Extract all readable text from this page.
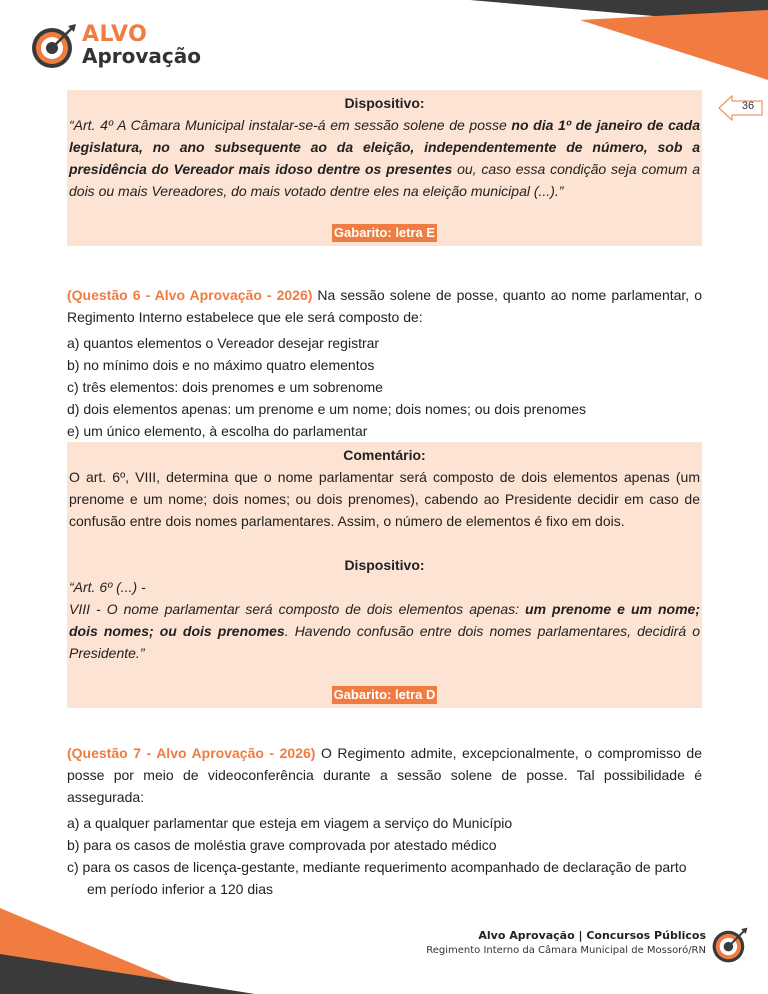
ALVO
Aprovação
36

Dispositivo:

“Art. 4º A Câmara Municipal instalar-se-á em sessão solene de posse no dia 1º de janeiro de cada legislatura, no ano subsequente ao da eleição, independentemente de número, sob a presidência do Vereador mais idoso dentre os presentes ou, caso essa condição seja comum a dois ou mais Vereadores, do mais votado dentre eles na eleição municipal (...).”

Gabarito: letra E

(Questão 6 - Alvo Aprovação - 2026) Na sessão solene de posse, quanto ao nome parlamentar, o Regimento Interno estabelece que ele será composto de:

a) quantos elementos o Vereador desejar registrar
b) no mínimo dois e no máximo quatro elementos
c) três elementos: dois prenomes e um sobrenome
d) dois elementos apenas: um prenome e um nome; dois nomes; ou dois prenomes
e) um único elemento, à escolha do parlamentar

Comentário:

O art. 6º, VIII, determina que o nome parlamentar será composto de dois elementos apenas (um prenome e um nome; dois nomes; ou dois prenomes), cabendo ao Presidente decidir em caso de confusão entre dois nomes parlamentares. Assim, o número de elementos é fixo em dois.

Dispositivo:

“Art. 6º (...) -

VIII - O nome parlamentar será composto de dois elementos apenas: um prenome e um nome; dois nomes; ou dois prenomes. Havendo confusão entre dois nomes parlamentares, decidirá o Presidente.”

Gabarito: letra D

(Questão 7 - Alvo Aprovação - 2026) O Regimento admite, excepcionalmente, o compromisso de posse por meio de videoconferência durante a sessão solene de posse. Tal possibilidade é assegurada:

a) a qualquer parlamentar que esteja em viagem a serviço do Município
b) para os casos de moléstia grave comprovada por atestado médico
c) para os casos de licença-gestante, mediante requerimento acompanhado de declaração de parto em período inferior a 120 dias
Alvo Aprovação | Concursos Públicos
Regimento Interno da Câmara Municipal de Mossoró/RN
